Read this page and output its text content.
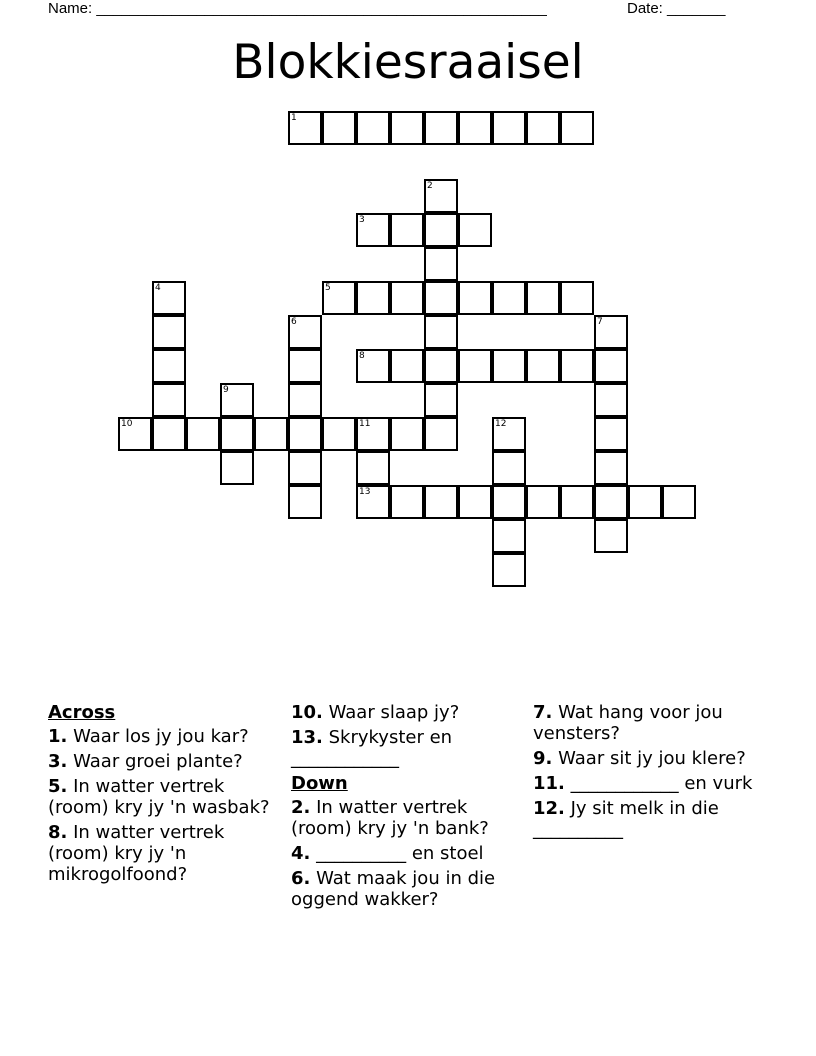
Name: ______________________________________________________	Date: _______
Blokkiesraaisel
1
2
3
4	5
6	7
8
9
10	11
13
12
Across
1. Waar los jy jou kar?
3. Waar groei plante?
5. In watter vertrek (room) kry jy 'n wasbak?
8. In watter vertrek (room) kry jy 'n mikrogolfoond?
10. Waar slaap jy?
13. Skrykyster en ____________
Down
2. In watter vertrek (room) kry jy 'n bank?
4. __________ en stoel
6. Wat maak jou in die oggend wakker?
7. Wat hang voor jou vensters?
9. Waar sit jy jou klere?
11. ____________ en vurk
12. Jy sit melk in die __________
